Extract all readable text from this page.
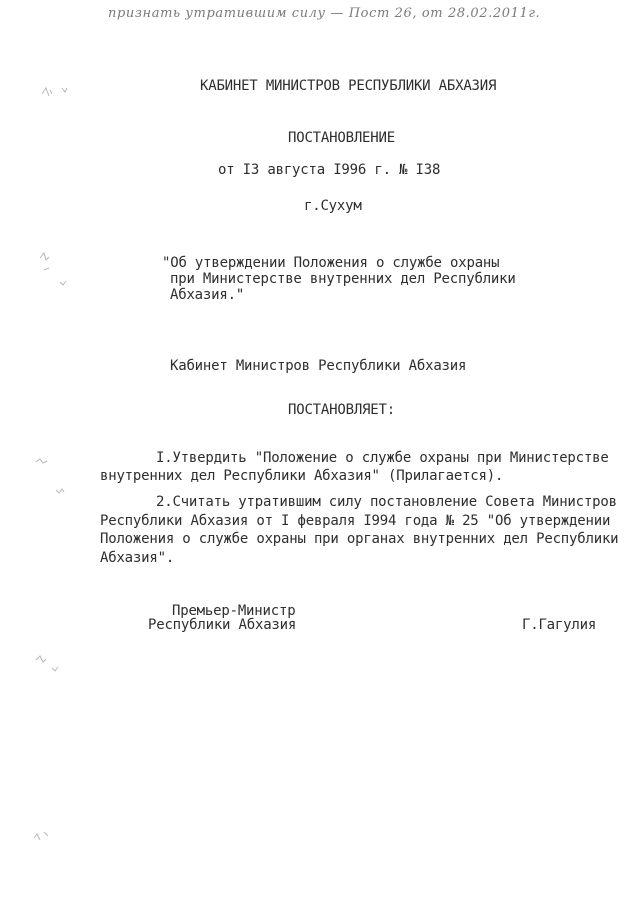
признать утратившим силу — Пост 26, от 28.02.2011г.
КАБИНЕТ МИНИСТРОВ РЕСПУБЛИКИ АБХАЗИЯ
ПОСТАНОВЛЕНИЕ
от I3 августа I996 г. № I38
г.Сухум
"Об утверждении Положения о службе охраны
при Министерстве внутренних дел Республики
Абхазия."
Кабинет Министров Республики Абхазия
ПОСТАНОВЛЯЕТ:
I.Утвердить "Положение о службе охраны при Министерстве
внутренних дел Республики Абхазия" (Прилагается).
2.Считать утратившим силу постановление Совета Министров
Республики Абхазия от I февраля I994 года № 25 "Об утверждении
Положения о службе охраны при органах внутренних дел Республики
Абхазия".
Премьер-Министр
Республики Абхазия	Г.Гагулия
